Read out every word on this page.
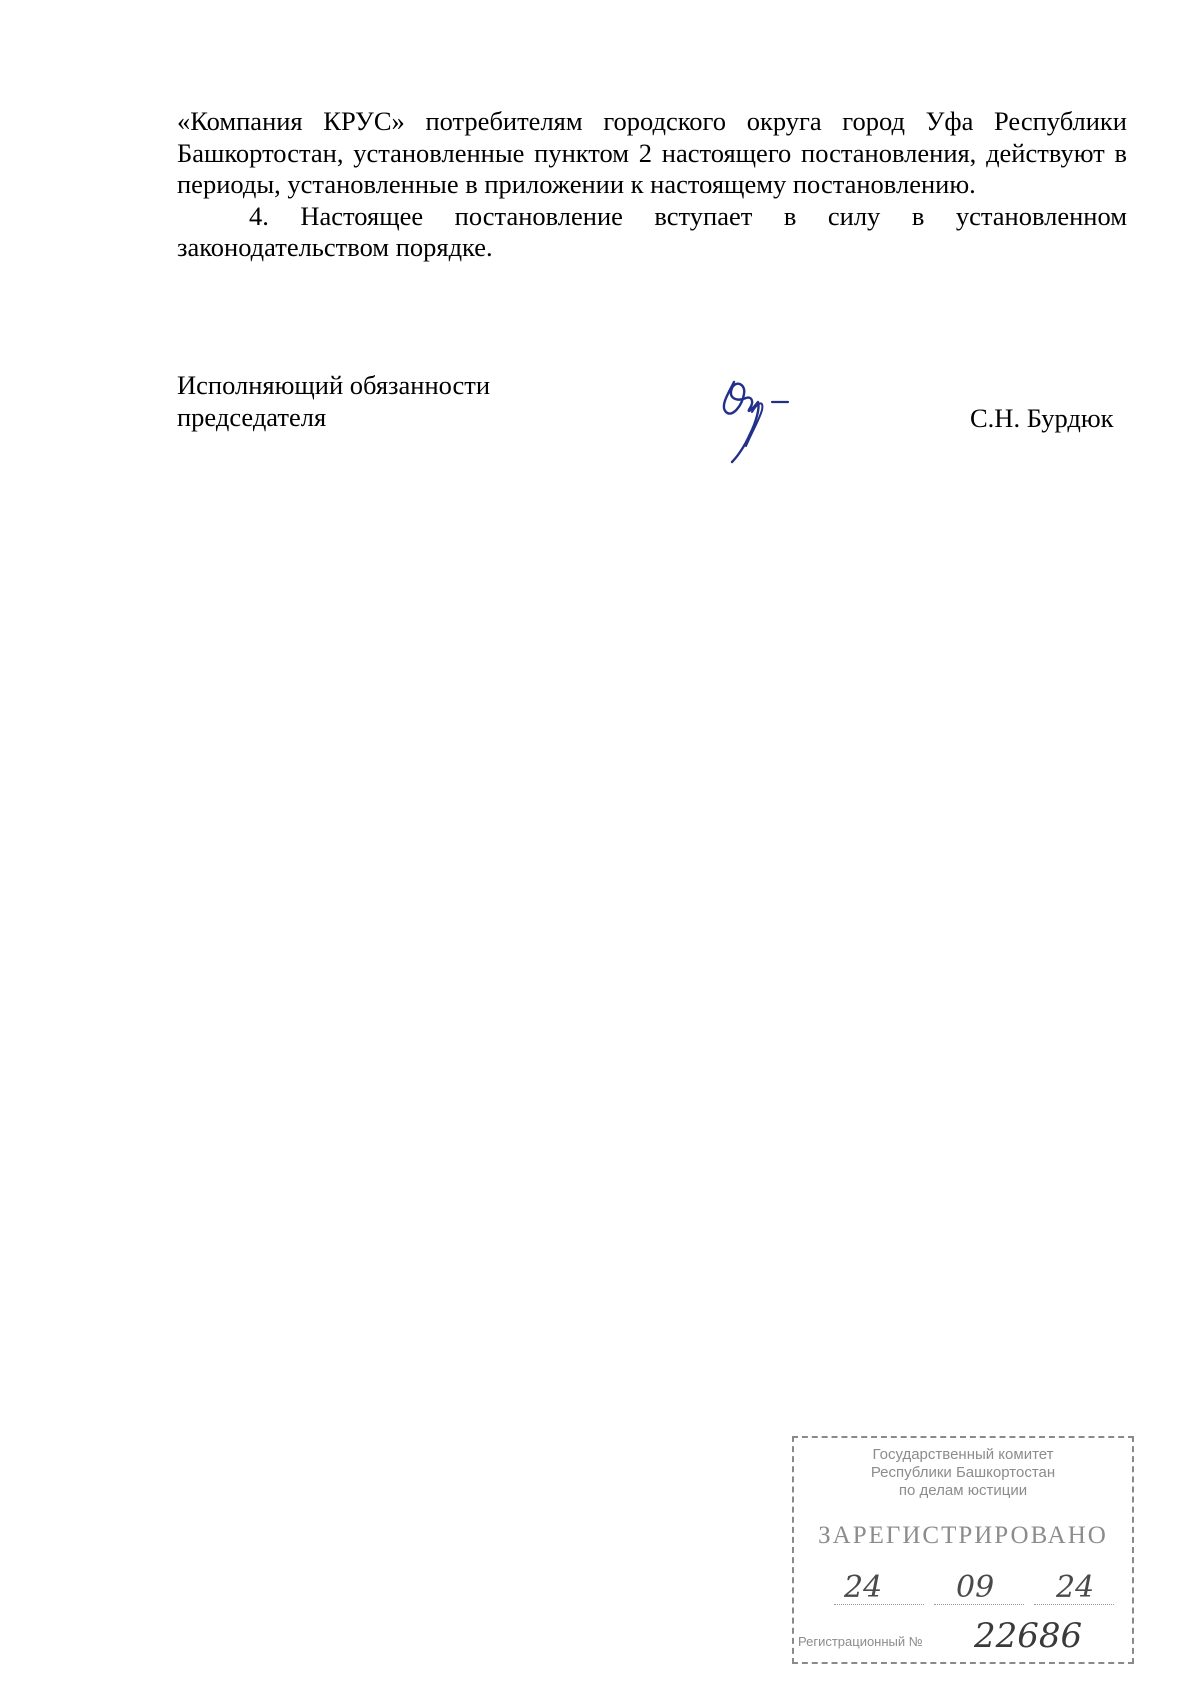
«Компания КРУС» потребителям городского округа город Уфа Республики Башкортостан, установленные пунктом 2 настоящего постановления, действуют в периоды, установленные в приложении к настоящему постановлению.

4. Настоящее постановление вступает в силу в установленном законодательством порядке.

Исполняющий обязанности
председателя	С.Н. Бурдюк
Государственный комитет
Республики Башкортостан
по делам юстиции
ЗАРЕГИСТРИРОВАНО
24 09 24
Регистрационный № 22686
